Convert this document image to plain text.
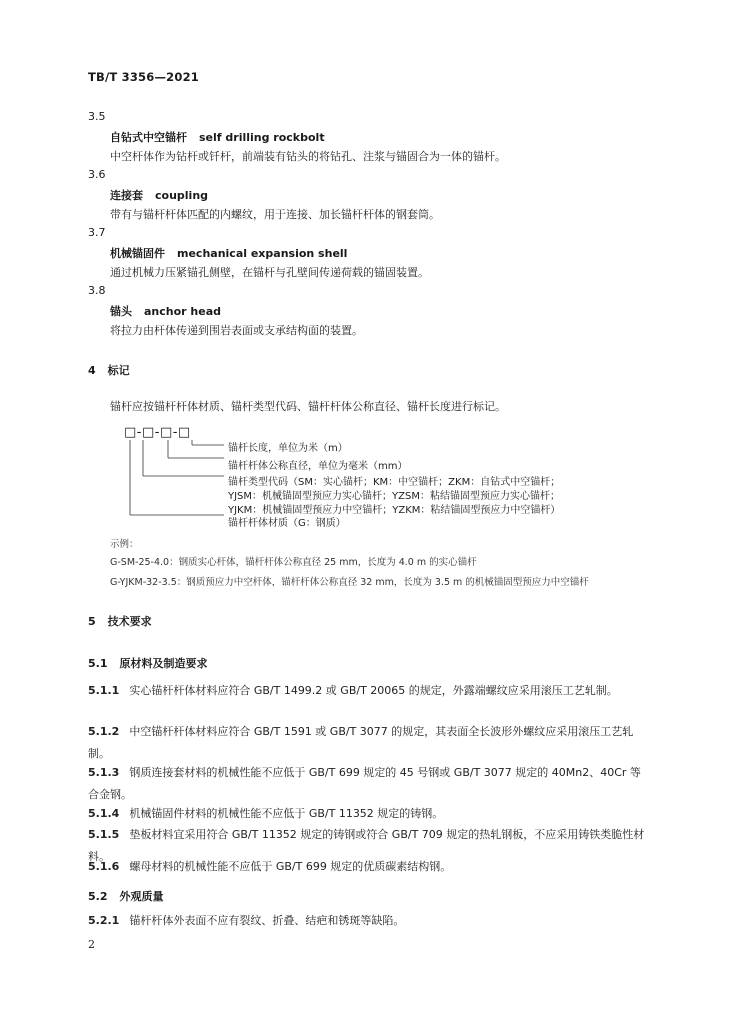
TB/T 3356—2021
3.5
自钻式中空锚杆 self drilling rockbolt
中空杆体作为钻杆或钎杆，前端装有钻头的将钻孔、注浆与锚固合为一体的锚杆。
3.6
连接套 coupling
带有与锚杆杆体匹配的内螺纹，用于连接、加长锚杆杆体的钢套筒。
3.7
机械锚固件 mechanical expansion shell
通过机械力压紧锚孔侧壁，在锚杆与孔壁间传递荷载的锚固装置。
3.8
锚头 anchor head
将拉力由杆体传递到围岩表面或支承结构面的装置。
4 标记
锚杆应按锚杆杆体材质、锚杆类型代码、锚杆杆体公称直径、锚杆长度进行标记。
□-□-□-□
锚杆长度，单位为米（m）
锚杆杆体公称直径，单位为毫米（mm）
锚杆类型代码（SM：实心锚杆；KM：中空锚杆；ZKM：自钻式中空锚杆；
YJSM：机械锚固型预应力实心锚杆；YZSM：粘结锚固型预应力实心锚杆；
YJKM：机械锚固型预应力中空锚杆；YZKM：粘结锚固型预应力中空锚杆）
锚杆杆体材质（G：钢质）
示例：
G-SM-25-4.0：钢质实心杆体，锚杆杆体公称直径 25 mm，长度为 4.0 m 的实心锚杆
G-YJKM-32-3.5：钢质预应力中空杆体，锚杆杆体公称直径 32 mm，长度为 3.5 m 的机械锚固型预应力中空锚杆
5 技术要求
5.1 原材料及制造要求
5.1.1 实心锚杆杆体材料应符合 GB/T 1499.2 或 GB/T 20065 的规定，外露端螺纹应采用滚压工艺轧制。
5.1.2 中空锚杆杆体材料应符合 GB/T 1591 或 GB/T 3077 的规定，其表面全长波形外螺纹应采用滚压工艺轧制。
5.1.3 钢质连接套材料的机械性能不应低于 GB/T 699 规定的 45 号钢或 GB/T 3077 规定的 40Mn2、40Cr 等合金钢。
5.1.4 机械锚固件材料的机械性能不应低于 GB/T 11352 规定的铸钢。
5.1.5 垫板材料宜采用符合 GB/T 11352 规定的铸钢或符合 GB/T 709 规定的热轧钢板，不应采用铸铁类脆性材料。
5.1.6 螺母材料的机械性能不应低于 GB/T 699 规定的优质碳素结构钢。
5.2 外观质量
5.2.1 锚杆杆体外表面不应有裂纹、折叠、结疤和锈斑等缺陷。
2
